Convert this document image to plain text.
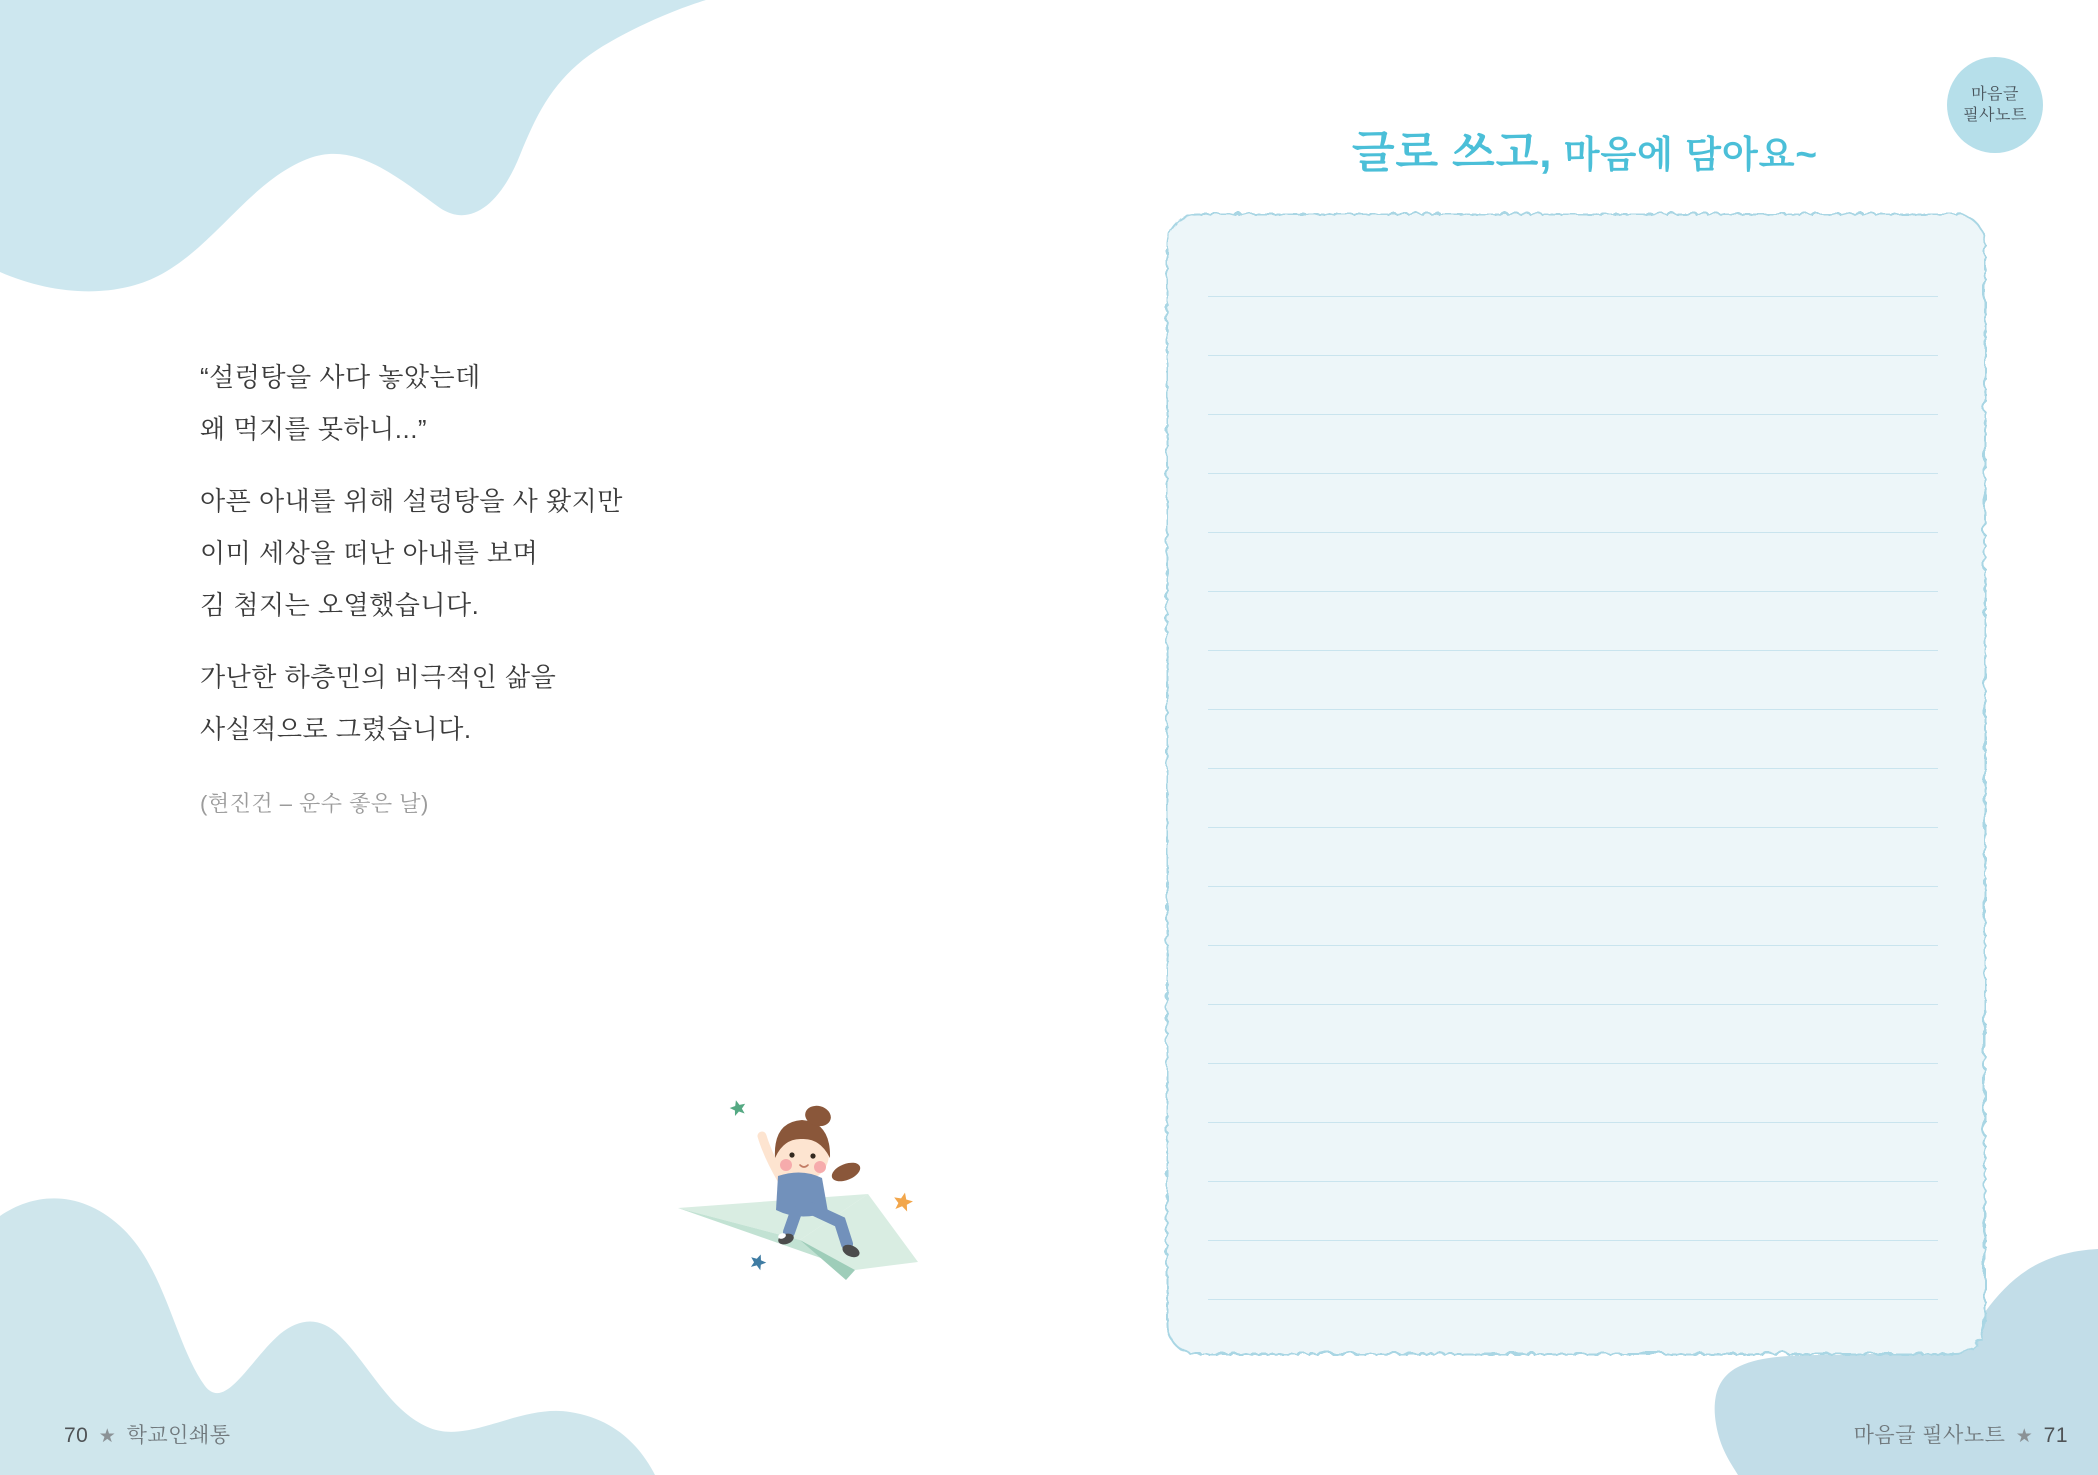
마음글
필사노트
글로 쓰고, 마음에 담아요~

“설렁탕을 사다 놓았는데
왜 먹지를 못하니...”

아픈 아내를 위해 설렁탕을 사 왔지만
이미 세상을 떠난 아내를 보며
김 첨지는 오열했습니다.

가난한 하층민의 비극적인 삶을
사실적으로 그렸습니다.

(현진건 – 운수 좋은 날)
70 ★ 학교인쇄통	마음글 필사노트 ★ 71
